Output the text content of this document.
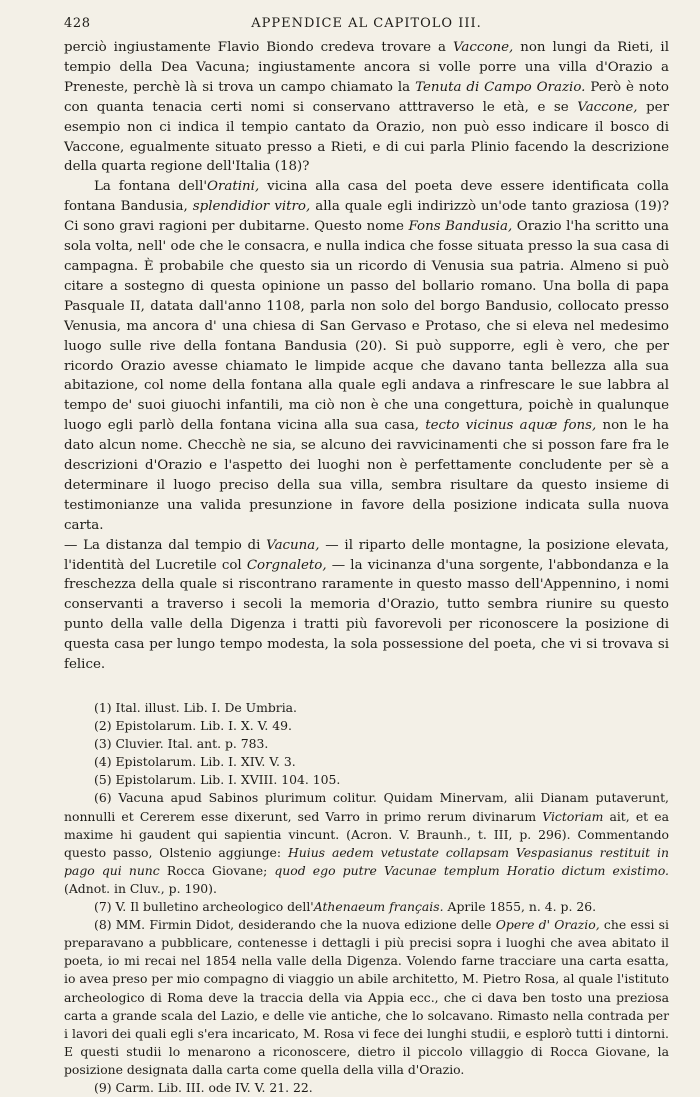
428	APPENDICE AL CAPITOLO III.

perciò ingiustamente Flavio Biondo credeva trovare a Vaccone, non lungi da Rieti, il tempio della Dea Vacuna; ingiustamente ancora si volle porre una villa d'Orazio a Preneste, perchè là si trova un campo chiamato la Tenuta di Campo Orazio. Però è noto con quanta tenacia certi nomi si conservano atttraverso le età, e se Vaccone, per esempio non ci indica il tempio cantato da Orazio, non può esso indicare il bosco di Vaccone, egualmente situato presso a Rieti, e di cui parla Plinio facendo la descrizione della quarta regione dell'Italia (18)?

La fontana dell'Oratini, vicina alla casa del poeta deve essere identificata colla fontana Bandusia, splendidior vitro, alla quale egli indirizzò un'ode tanto graziosa (19)? Ci sono gravi ragioni per dubitarne. Questo nome Fons Bandusia, Orazio l'ha scritto una sola volta, nell' ode che le consacra, e nulla indica che fosse situata presso la sua casa di campagna. È probabile che questo sia un ricordo di Venusia sua patria. Almeno si può citare a sostegno di questa opinione un passo del bollario romano. Una bolla di papa Pasquale II, datata dall'anno 1108, parla non solo del borgo Bandusio, collocato presso Venusia, ma ancora d' una chiesa di San Gervaso e Protaso, che si eleva nel medesimo luogo sulle rive della fontana Bandusia (20). Si può supporre, egli è vero, che per ricordo Orazio avesse chiamato le limpide acque che davano tanta bellezza alla sua abitazione, col nome della fontana alla quale egli andava a rinfrescare le sue labbra al tempo de' suoi giuochi infantili, ma ciò non è che una congettura, poichè in qualunque luogo egli parlò della fontana vicina alla sua casa, tecto vicinus aquæ fons, non le ha dato alcun nome. Checchè ne sia, se alcuno dei ravvicinamenti che si posson fare fra le descrizioni d'Orazio e l'aspetto dei luoghi non è perfettamente concludente per sè a determinare il luogo preciso della sua villa, sembra risultare da questo insieme di testimonianze una valida presunzione in favore della posizione indicata sulla nuova carta.

— La distanza dal tempio di Vacuna, — il riparto delle montagne, la posizione elevata, l'identità del Lucretile col Corgnaleto, — la vicinanza d'una sorgente, l'abbondanza e la freschezza della quale si riscontrano raramente in questo masso dell'Appennino, i nomi conservanti a traverso i secoli la memoria d'Orazio, tutto sembra riunire su questo punto della valle della Digenza i tratti più favorevoli per riconoscere la posizione di questa casa per lungo tempo modesta, la sola possessione del poeta, che vi si trovava si felice.

(1) Ital. illust. Lib. I. De Umbria.

(2) Epistolarum. Lib. I. X. V. 49.

(3) Cluvier. Ital. ant. p. 783.

(4) Epistolarum. Lib. I. XIV. V. 3.

(5) Epistolarum. Lib. I. XVIII. 104. 105.

(6) Vacuna apud Sabinos plurimum colitur. Quidam Minervam, alii Dianam putaverunt, nonnulli et Cererem esse dixerunt, sed Varro in primo rerum divinarum Victoriam ait, et ea maxime hi gaudent qui sapientia vincunt. (Acron. V. Braunh., t. III, p. 296). Commentando questo passo, Olstenio aggiunge: Huius aedem vetustate collapsam Vespasianus restituit in pago qui nunc Rocca Giovane; quod ego putre Vacunae templum Horatio dictum existimo. (Adnot. in Cluv., p. 190).

(7) V. Il bulletino archeologico dell'Athenaeum français. Aprile 1855, n. 4. p. 26.

(8) MM. Firmin Didot, desiderando che la nuova edizione delle Opere d' Orazio, che essi si preparavano a pubblicare, contenesse i dettagli i più precisi sopra i luoghi che avea abitato il poeta, io mi recai nel 1854 nella valle della Digenza. Volendo farne tracciare una carta esatta, io avea preso per mio compagno di viaggio un abile architetto, M. Pietro Rosa, al quale l'istituto archeologico di Roma deve la traccia della via Appia ecc., che ci dava ben tosto una preziosa carta a grande scala del Lazio, e delle vie antiche, che lo solcavano. Rimasto nella contrada per i lavori dei quali egli s'era incaricato, M. Rosa vi fece dei lunghi studii, e esplorò tutti i dintorni. E questi studii lo menarono a riconoscere, dietro il piccolo villaggio di Rocca Giovane, la posizione designata dalla carta come quella della villa d'Orazio.

(9) Carm. Lib. III. ode IV. V. 21. 22.
